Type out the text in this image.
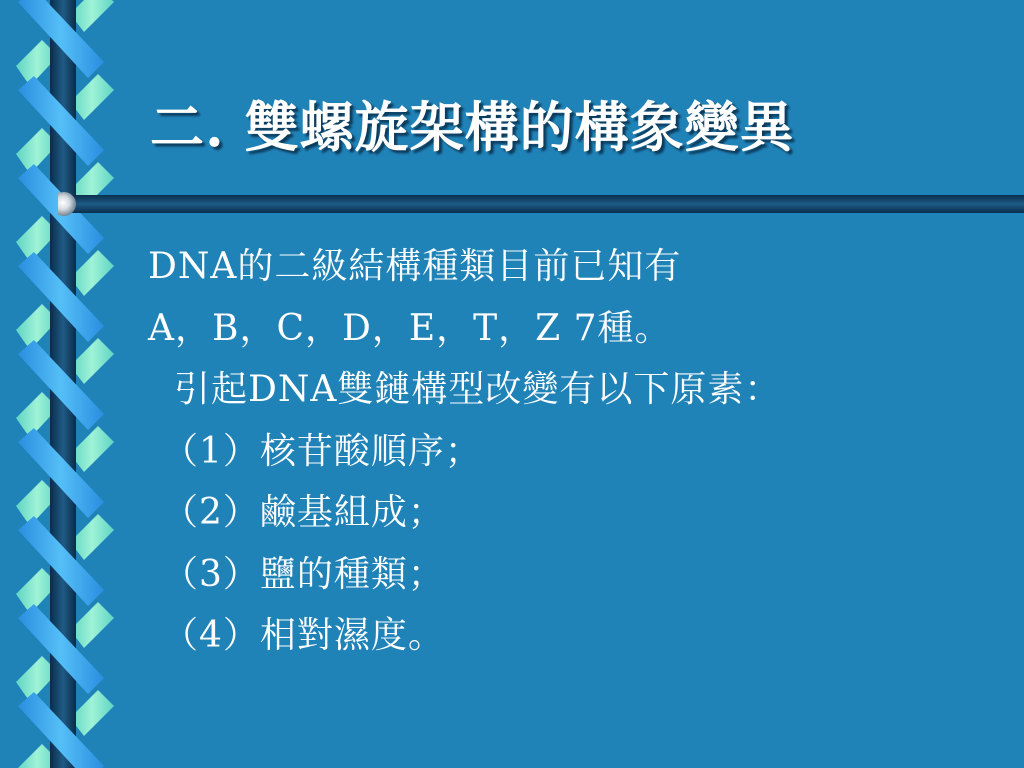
二. 雙螺旋架構的構象變異
DNA的二級結構種類目前已知有
A，B，C，D，E，T，Z 7種。
引起DNA雙鏈構型改變有以下原素：
（1）核苷酸順序；
（2）鹼基組成；
（3）鹽的種類；
（4）相對濕度。
